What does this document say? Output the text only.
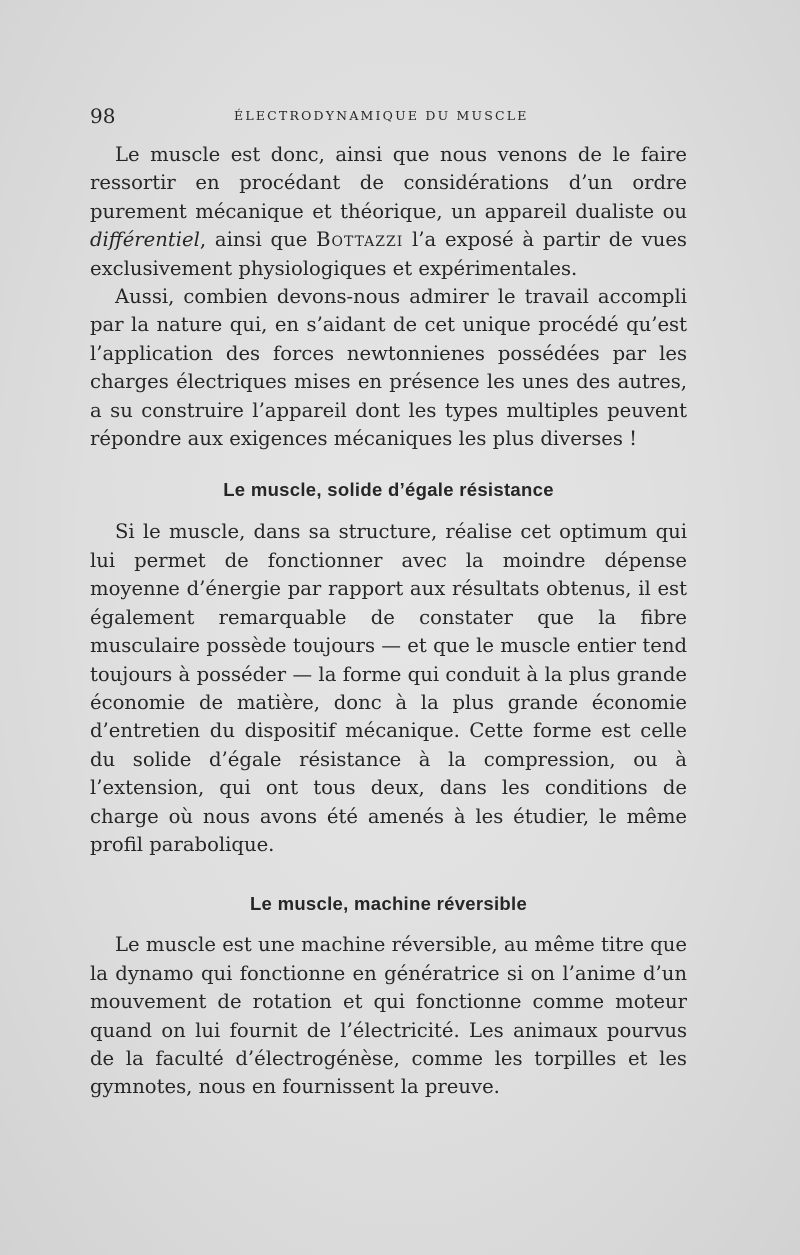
98	ÉLECTRODYNAMIQUE DU MUSCLE

Le muscle est donc, ainsi que nous venons de le faire ressortir en procédant de considérations d’un ordre purement mécanique et théorique, un appareil dualiste ou différentiel, ainsi que Bottazzi l’a exposé à partir de vues exclusivement physiologiques et expérimentales.

Aussi, combien devons-nous admirer le travail accompli par la nature qui, en s’aidant de cet unique procédé qu’est l’application des forces newtonnienes possédées par les charges électriques mises en présence les unes des autres, a su construire l’appareil dont les types multiples peuvent répondre aux exigences mécaniques les plus diverses !

Le muscle, solide d’égale résistance

Si le muscle, dans sa structure, réalise cet optimum qui lui permet de fonctionner avec la moindre dépense moyenne d’énergie par rapport aux résultats obtenus, il est également remarquable de constater que la fibre musculaire possède toujours — et que le muscle entier tend toujours à posséder — la forme qui conduit à la plus grande économie de matière, donc à la plus grande économie d’entretien du dispositif mécanique. Cette forme est celle du solide d’égale résistance à la compression, ou à l’extension, qui ont tous deux, dans les conditions de charge où nous avons été amenés à les étudier, le même profil parabolique.

Le muscle, machine réversible

Le muscle est une machine réversible, au même titre que la dynamo qui fonctionne en génératrice si on l’anime d’un mouvement de rotation et qui fonctionne comme moteur quand on lui fournit de l’électricité. Les animaux pourvus de la faculté d’électrogénèse, comme les torpilles et les gymnotes, nous en fournissent la preuve.
